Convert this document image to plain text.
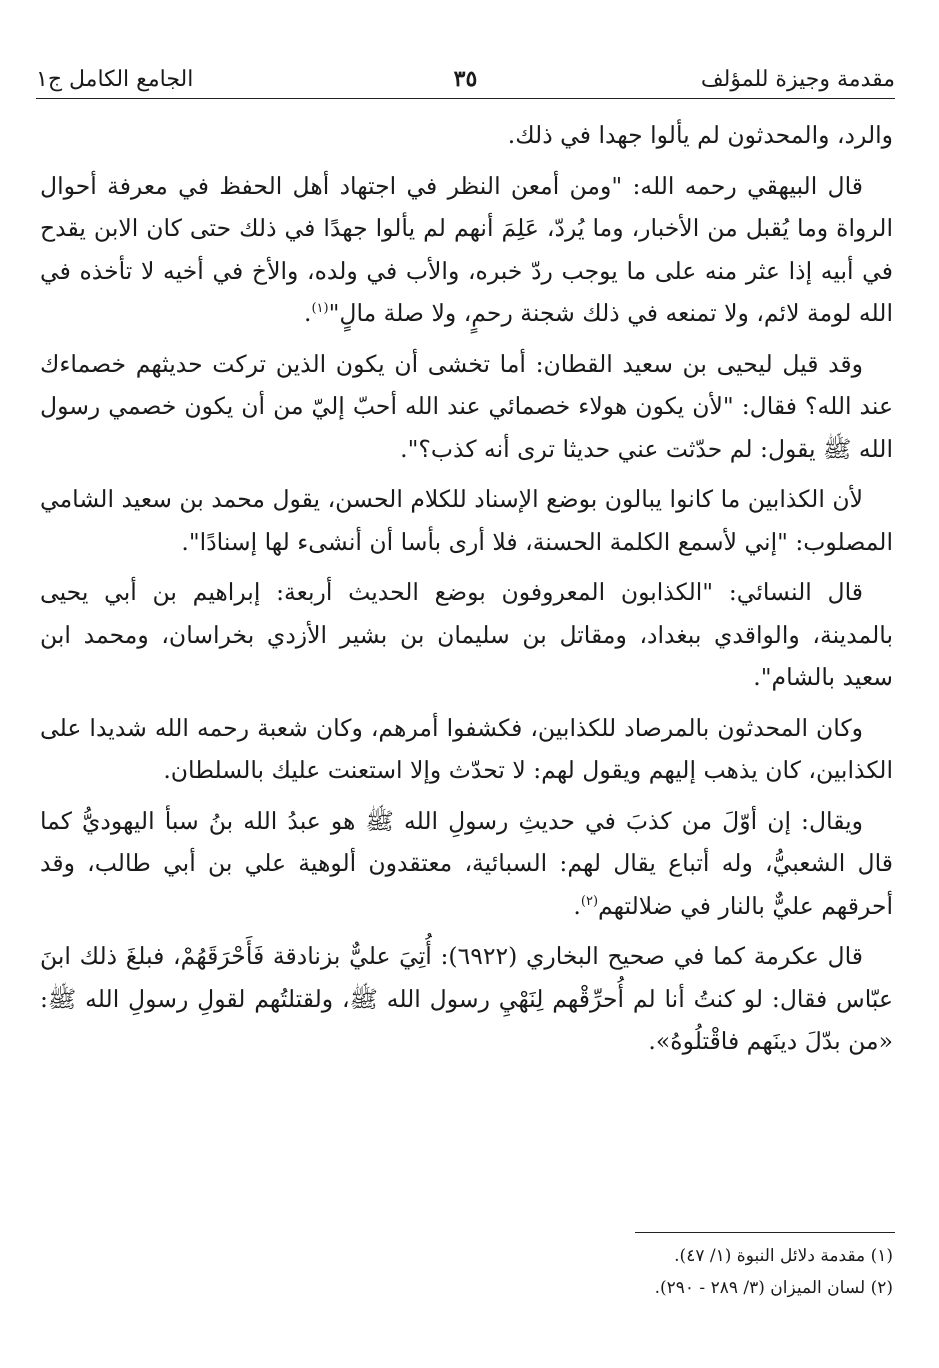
مقدمة وجيزة للمؤلف
٣٥
الجامع الكامل ج١

والرد، والمحدثون لم يألوا جهدا في ذلك.

قال البيهقي رحمه الله: "ومن أمعن النظر في اجتهاد أهل الحفظ في معرفة أحوال الرواة وما يُقبل من الأخبار، وما يُردّ، عَلِمَ أنهم لم يألوا جهدًا في ذلك حتى كان الابن يقدح في أبيه إذا عثر منه على ما يوجب ردّ خبره، والأب في ولده، والأخ في أخيه لا تأخذه في الله لومة لائم، ولا تمنعه في ذلك شجنة رحمٍ، ولا صلة مالٍ"$^{(١)}$.

وقد قيل ليحيى بن سعيد القطان: أما تخشى أن يكون الذين تركت حديثهم خصماءك عند الله؟ فقال: "لأن يكون هولاء خصمائي عند الله أحبّ إليّ من أن يكون خصمي رسول الله ﷺ يقول: لم حدّثت عني حديثا ترى أنه كذب؟".

لأن الكذابين ما كانوا يبالون بوضع الإسناد للكلام الحسن، يقول محمد بن سعيد الشامي المصلوب: "إني لأسمع الكلمة الحسنة، فلا أرى بأسا أن أنشىء لها إسنادًا".

قال النسائي: "الكذابون المعروفون بوضع الحديث أربعة: إبراهيم بن أبي يحيى بالمدينة، والواقدي ببغداد، ومقاتل بن سليمان بن بشير الأزدي بخراسان، ومحمد ابن سعيد بالشام".

وكان المحدثون بالمرصاد للكذابين، فكشفوا أمرهم، وكان شعبة رحمه الله شديدا على الكذابين، كان يذهب إليهم ويقول لهم: لا تحدّث وإلا استعنت عليك بالسلطان.

ويقال: إن أوّلَ من كذبَ في حديثِ رسولِ الله ﷺ هو عبدُ الله بنُ سبأ اليهوديُّ كما قال الشعبيُّ، وله أتباع يقال لهم: السبائية، معتقدون ألوهية علي بن أبي طالب، وقد أحرقهم عليٌّ بالنار في ضلالتهم$^{(٢)}$.

قال عكرمة كما في صحيح البخاري (٦٩٢٢): أُتِيَ عليٌّ بزنادقة فَأَحْرَقَهُمْ، فبلغَ ذلك ابنَ عبّاس فقال: لو كنتُ أنا لم أُحرِّقْهم لِنَهْيِ رسول الله ﷺ، ولقتلتُهم لقولِ رسولِ الله ﷺ: «من بدّلَ دينَهم فاقْتلُوهُ».

(١) مقدمة دلائل النبوة (١/ ٤٧).
(٢) لسان الميزان (٣/ ٢٨٩ - ٢٩٠).
